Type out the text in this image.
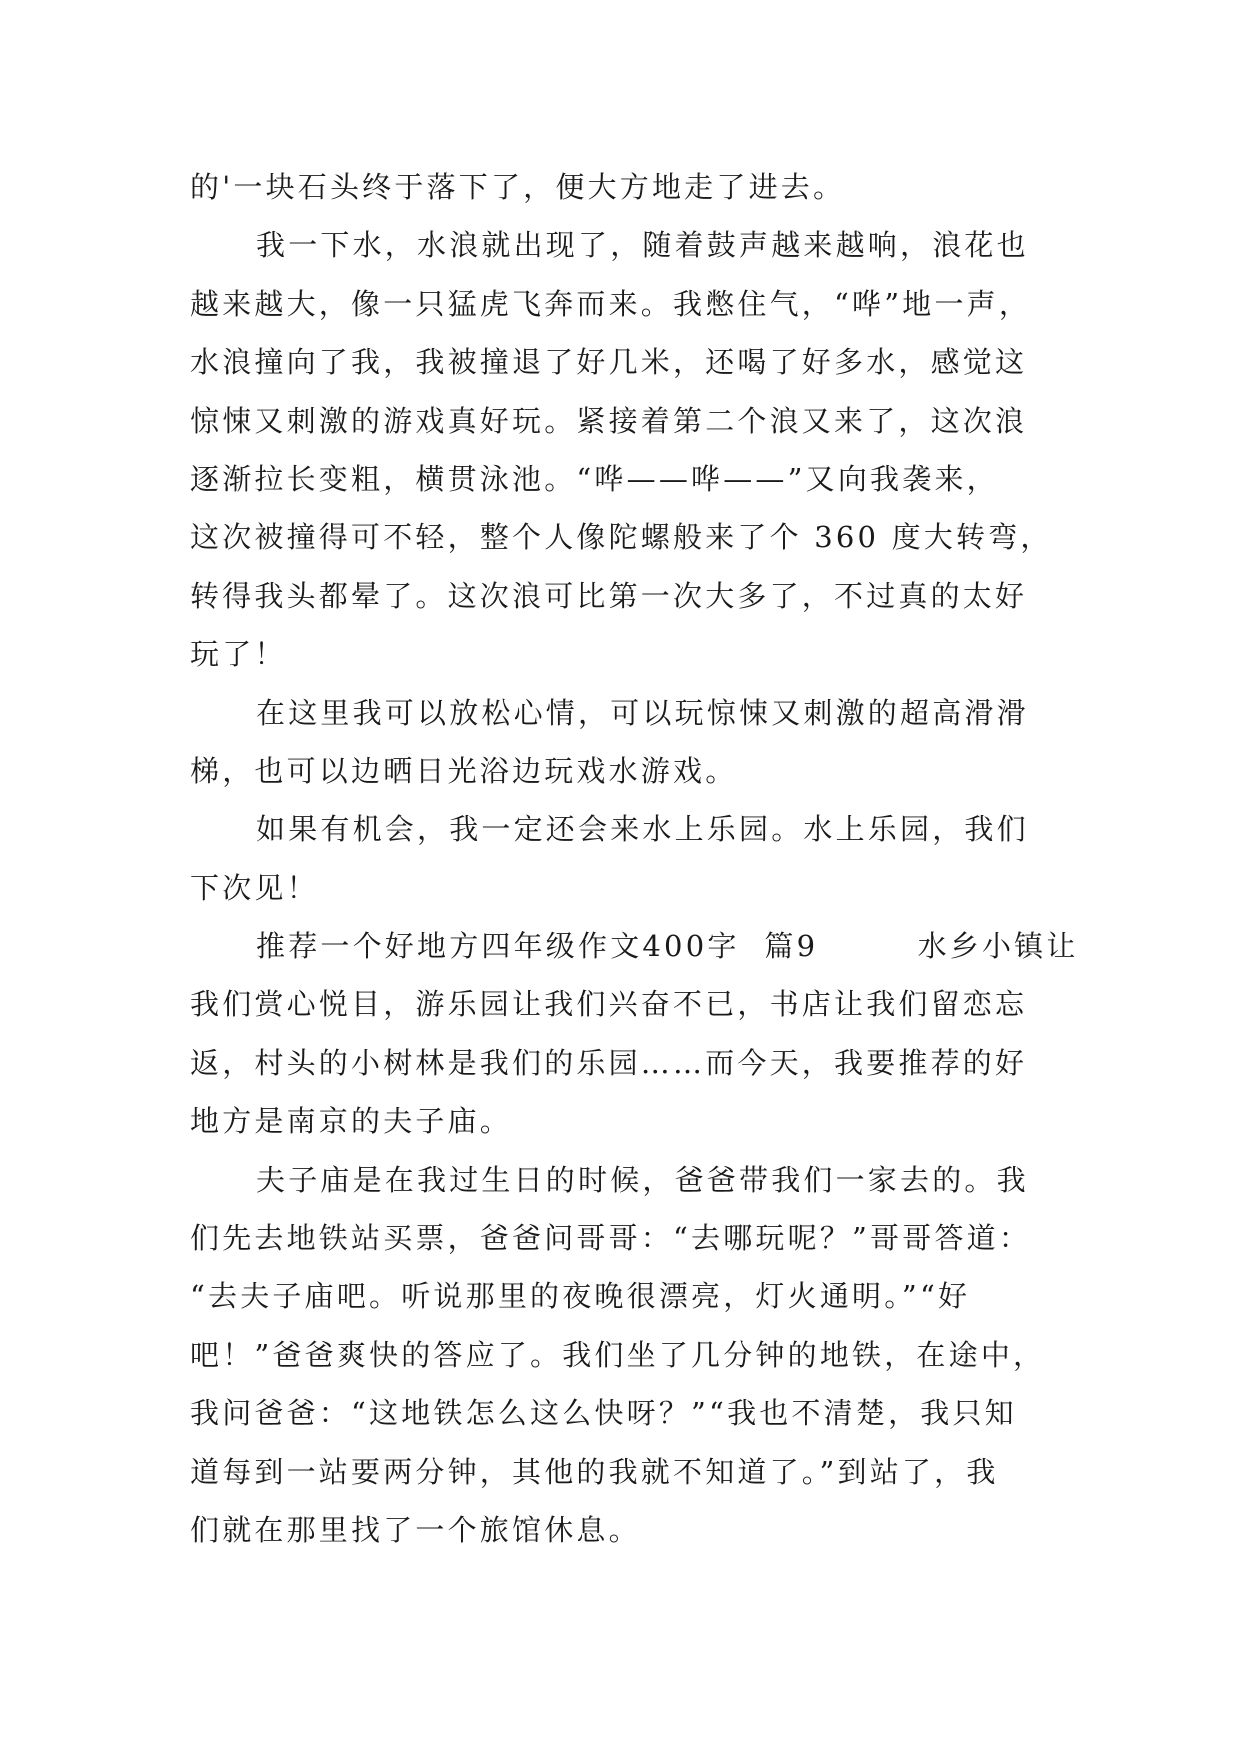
的'一块石头终于落下了，便大方地走了进去。
我一下水，水浪就出现了，随着鼓声越来越响，浪花也
越来越大，像一只猛虎飞奔而来。我憋住气，“哗”地一声，
水浪撞向了我，我被撞退了好几米，还喝了好多水，感觉这
惊悚又刺激的游戏真好玩。紧接着第二个浪又来了，这次浪
逐渐拉长变粗，横贯泳池。“哗——哗——”又向我袭来，
这次被撞得可不轻，整个人像陀螺般来了个 360 度大转弯，
转得我头都晕了。这次浪可比第一次大多了，不过真的太好
玩了！
在这里我可以放松心情，可以玩惊悚又刺激的超高滑滑
梯，也可以边晒日光浴边玩戏水游戏。
如果有机会，我一定还会来水上乐园。水上乐园，我们
下次见！
推荐一个好地方四年级作文400字  篇9        水乡小镇让
我们赏心悦目，游乐园让我们兴奋不已，书店让我们留恋忘
返，村头的小树林是我们的乐园……而今天，我要推荐的好
地方是南京的夫子庙。
夫子庙是在我过生日的时候，爸爸带我们一家去的。我
们先去地铁站买票，爸爸问哥哥：“去哪玩呢？”哥哥答道：
“去夫子庙吧。听说那里的夜晚很漂亮，灯火通明。”“好
吧！”爸爸爽快的答应了。我们坐了几分钟的地铁，在途中，
我问爸爸：“这地铁怎么这么快呀？”“我也不清楚，我只知
道每到一站要两分钟，其他的我就不知道了。”到站了，我
们就在那里找了一个旅馆休息。
